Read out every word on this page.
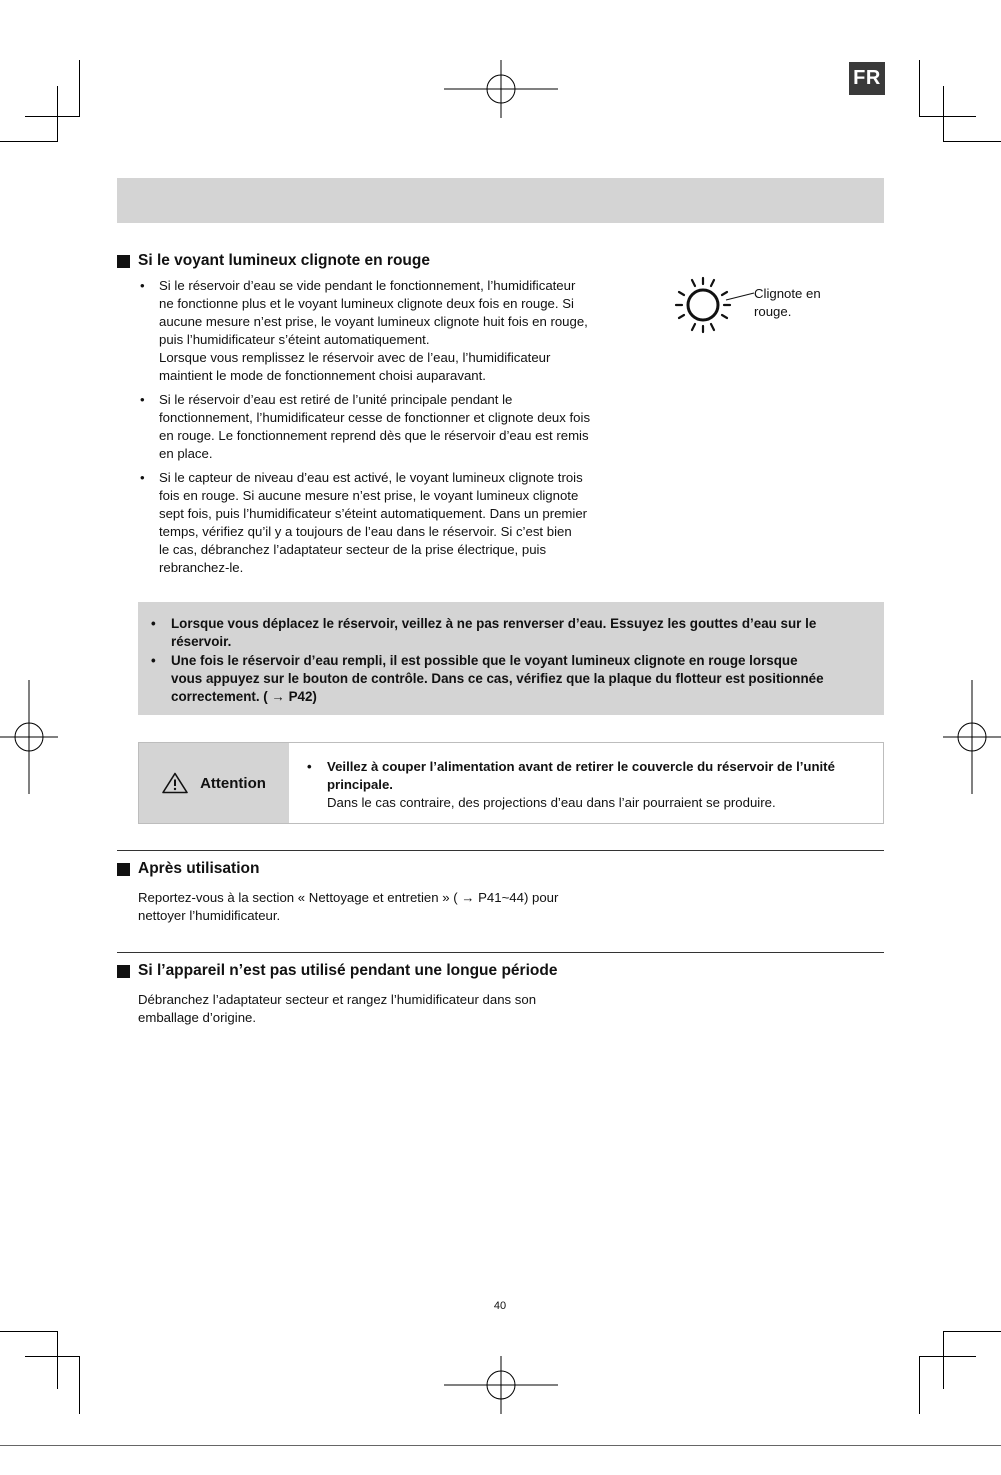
FR
Si le voyant lumineux clignote en rouge
• Si le réservoir d’eau se vide pendant le fonctionnement, l’humidificateur
ne fonctionne plus et le voyant lumineux clignote deux fois en rouge. Si
aucune mesure n’est prise, le voyant lumineux clignote huit fois en rouge,
puis l’humidificateur s’éteint automatiquement.
Lorsque vous remplissez le réservoir avec de l’eau, l’humidificateur
maintient le mode de fonctionnement choisi auparavant.
• Si le réservoir d’eau est retiré de l’unité principale pendant le
fonctionnement, l’humidificateur cesse de fonctionner et clignote deux fois
en rouge. Le fonctionnement reprend dès que le réservoir d’eau est remis
en place.
• Si le capteur de niveau d’eau est activé, le voyant lumineux clignote trois
fois en rouge. Si aucune mesure n’est prise, le voyant lumineux clignote
sept fois, puis l’humidificateur s’éteint automatiquement. Dans un premier
temps, vérifiez qu’il y a toujours de l’eau dans le réservoir. Si c’est bien
le cas, débranchez l’adaptateur secteur de la prise électrique, puis
rebranchez-le.
Clignote en
rouge.
• Lorsque vous déplacez le réservoir, veillez à ne pas renverser d’eau. Essuyez les gouttes d’eau sur le
réservoir.
• Une fois le réservoir d’eau rempli, il est possible que le voyant lumineux clignote en rouge lorsque
vous appuyez sur le bouton de contrôle. Dans ce cas, vérifiez que la plaque du flotteur est positionnée
correctement. ( → P42)
Attention
• Veillez à couper l’alimentation avant de retirer le couvercle du réservoir de l’unité
principale.
Dans le cas contraire, des projections d’eau dans l’air pourraient se produire.
Après utilisation
Reportez-vous à la section « Nettoyage et entretien » ( → P41~44) pour
nettoyer l’humidificateur.
Si l’appareil n’est pas utilisé pendant une longue période
Débranchez l’adaptateur secteur et rangez l’humidificateur dans son
emballage d’origine.
40
